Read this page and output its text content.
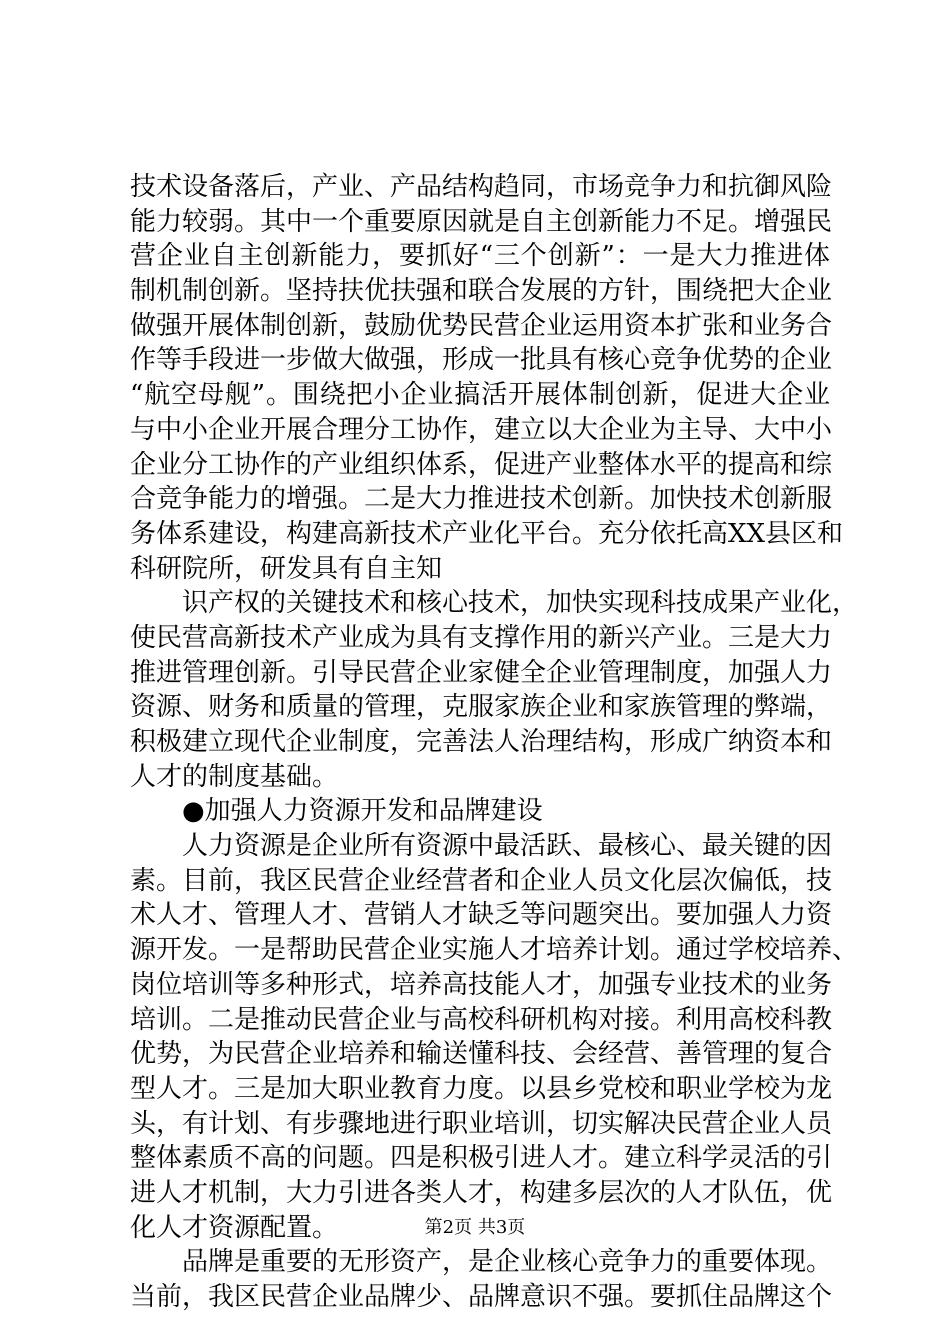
技术设备落后，产业、产品结构趋同，市场竞争力和抗御风险
能力较弱。其中一个重要原因就是自主创新能力不足。增强民
营企业自主创新能力，要抓好“三个创新”：一是大力推进体
制机制创新。坚持扶优扶强和联合发展的方针，围绕把大企业
做强开展体制创新，鼓励优势民营企业运用资本扩张和业务合
作等手段进一步做大做强，形成一批具有核心竞争优势的企业
“航空母舰”。围绕把小企业搞活开展体制创新，促进大企业
与中小企业开展合理分工协作，建立以大企业为主导、大中小
企业分工协作的产业组织体系，促进产业整体水平的提高和综
合竞争能力的增强。二是大力推进技术创新。加快技术创新服
务体系建设，构建高新技术产业化平台。充分依托高XX县区和
科研院所，研发具有自主知
识产权的关键技术和核心技术，加快实现科技成果产业化，
使民营高新技术产业成为具有支撑作用的新兴产业。三是大力
推进管理创新。引导民营企业家健全企业管理制度，加强人力
资源、财务和质量的管理，克服家族企业和家族管理的弊端，
积极建立现代企业制度，完善法人治理结构，形成广纳资本和
人才的制度基础。
●加强人力资源开发和品牌建设
人力资源是企业所有资源中最活跃、最核心、最关键的因
素。目前，我区民营企业经营者和企业人员文化层次偏低，技
术人才、管理人才、营销人才缺乏等问题突出。要加强人力资
源开发。一是帮助民营企业实施人才培养计划。通过学校培养、
岗位培训等多种形式，培养高技能人才，加强专业技术的业务
培训。二是推动民营企业与高校科研机构对接。利用高校科教
优势，为民营企业培养和输送懂科技、会经营、善管理的复合
型人才。三是加大职业教育力度。以县乡党校和职业学校为龙
头，有计划、有步骤地进行职业培训，切实解决民营企业人员
整体素质不高的问题。四是积极引进人才。建立科学灵活的引
进人才机制，大力引进各类人才，构建多层次的人才队伍，优
化人才资源配置。
品牌是重要的无形资产，是企业核心竞争力的重要体现。
当前，我区民营企业品牌少、品牌意识不强。要抓住品牌这个
第2页 共3页
